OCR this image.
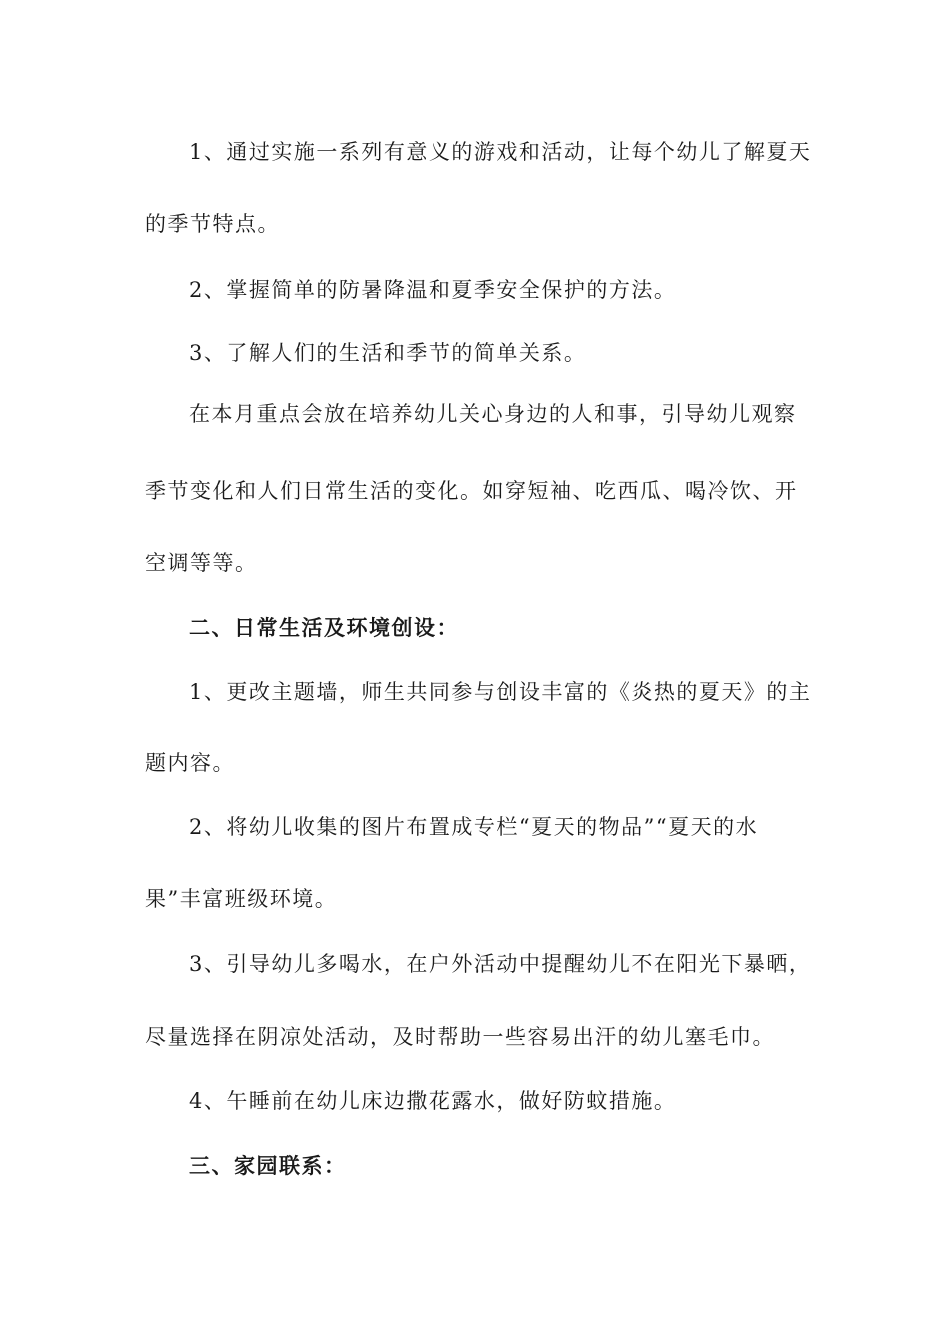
1、通过实施一系列有意义的游戏和活动，让每个幼儿了解夏天
的季节特点。
2、掌握简单的防暑降温和夏季安全保护的方法。
3、了解人们的生活和季节的简单关系。
在本月重点会放在培养幼儿关心身边的人和事，引导幼儿观察
季节变化和人们日常生活的变化。如穿短袖、吃西瓜、喝冷饮、开
空调等等。
二、日常生活及环境创设：
1、更改主题墙，师生共同参与创设丰富的《炎热的夏天》的主
题内容。
2、将幼儿收集的图片布置成专栏“夏天的物品”“夏天的水
果”丰富班级环境。
3、引导幼儿多喝水，在户外活动中提醒幼儿不在阳光下暴晒，
尽量选择在阴凉处活动，及时帮助一些容易出汗的幼儿塞毛巾。
4、午睡前在幼儿床边撒花露水，做好防蚊措施。
三、家园联系：
